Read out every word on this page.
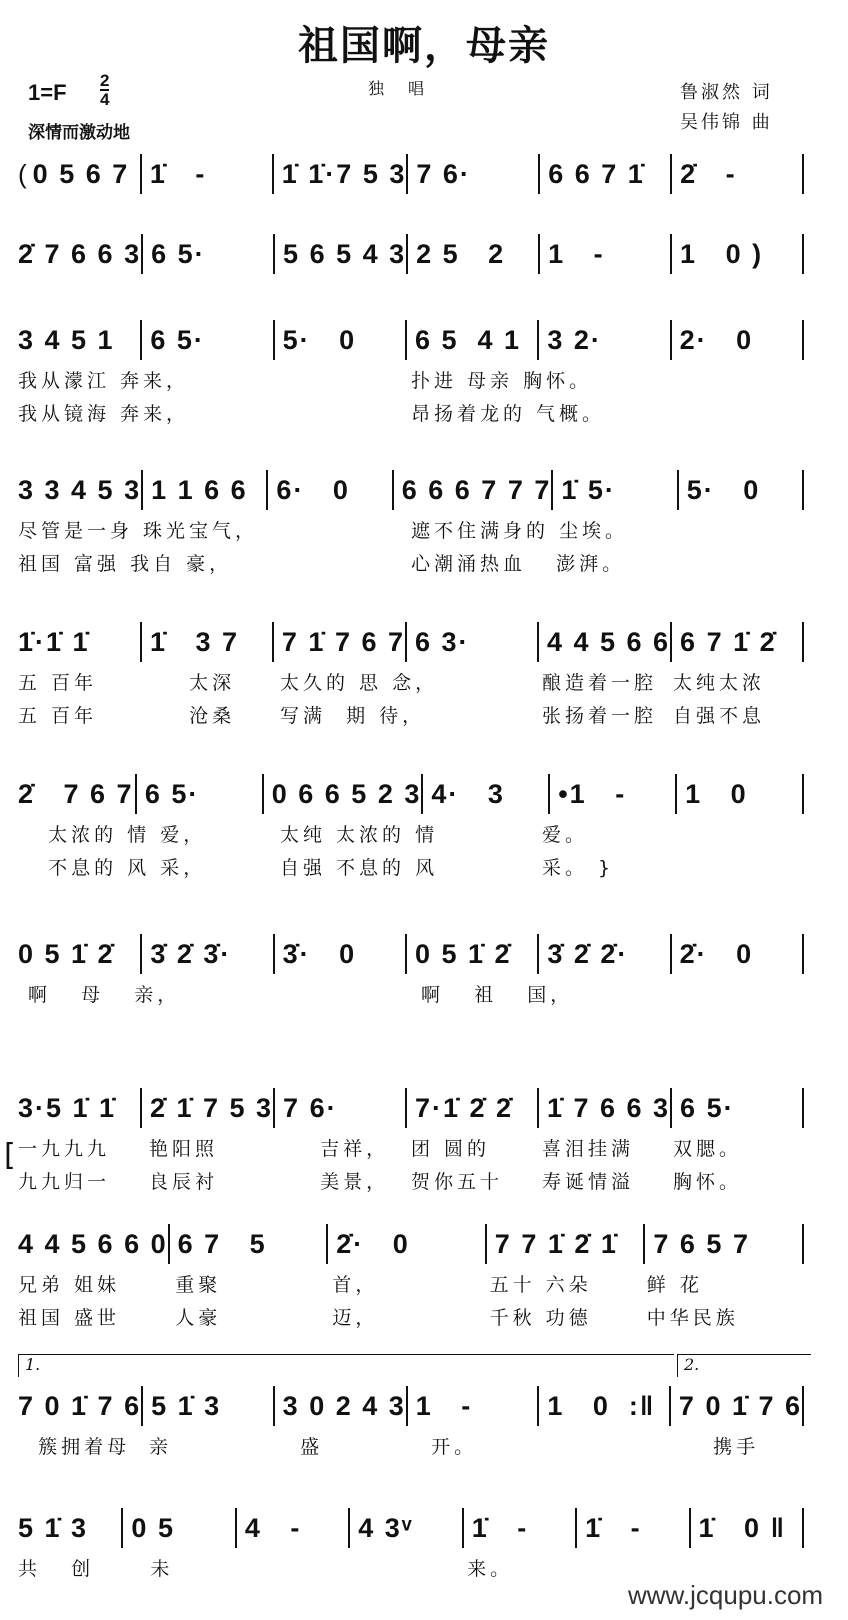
祖国啊，母亲
1=F 2
4
独唱	鲁淑然 词
吴伟锦 曲
深情而激动地
( 0 5 6 7 1̇   -	1̇ 1̇·7 5 3 7 6·	6 6 7 1̇ 2̇   -
2̇ 7 6 6 3 6 5·	5 6 5 4 3 2 5   2 1   -	1   0 )
3 4 5 1 6 5·	5·   0 6 5  4 1 3 2·	2·   0
我从濛江 奔来，	扑进 母亲 胸怀。
我从镜海 奔来，	昂扬着龙的 气概。
3 3 4 5 3 1 1 6 6 6·   0 6 6 6 7 7 7 1̇ 5·	5·   0
尽管是一身 珠光宝气，	遮不住满身的 尘埃。
祖国 富强 我自 豪，	心潮涌热血   澎湃。
1̇·1̇ 1̇ 1̇   3 7 7 1̇ 7 6 7 6 3·	4 4 5 6 6 6 7 1̇ 2̇
五 百年	太深 太久的 思 念，	酿造着一腔 太纯太浓
五 百年	沧桑 写满  期 待，	张扬着一腔 自强不息
2̇   7 6 7 6 5·	0 6 6 5 2 3 4·   3 •1   - 1   0
太浓的 情 爱，	太纯 太浓的 情	爱。
不息的 风 采，	自强 不息的 风	采。 }
0 5 1̇ 2̇ 3̇ 2̇ 3̇· 3̇·   0 0 5 1̇ 2̇ 3̇ 2̇ 2̇· 2̇·   0
啊   母   亲，	啊   祖   国，
3·5 1̇ 1̇ 2̇ 1̇ 7 5 3 7 6·	7·1̇ 2̇ 2̇ 1̇ 7 6 6 3 6 5·
[ 一九九九 艳阳照	吉祥， 团 圆的	喜泪挂满 双腮。
九九归一 良辰衬	美景， 贺你五十 寿诞情溢 胸怀。
4 4 5 6 6 0 6 7   5	2̇·   0	7 7 1̇ 2̇ 1̇ 7 6 5 7
兄弟 姐妹	重聚	首，	五十 六朵	鲜 花
祖国 盛世	人豪	迈，	千秋 功德	中华民族
7 0 1̇ 7 6 5 1̇ 3 3 0 2 4 3 1   -	1   0  :‖ 7 0 1̇ 7 6
1.	2.
簇拥着母 亲	盛	开。	携手
5 1̇ 3 0 5	4   - 4 3ᵛ 1̇   - 1̇   - 1̇   0 ‖
共   创 未	来。
www.jcqupu.com
